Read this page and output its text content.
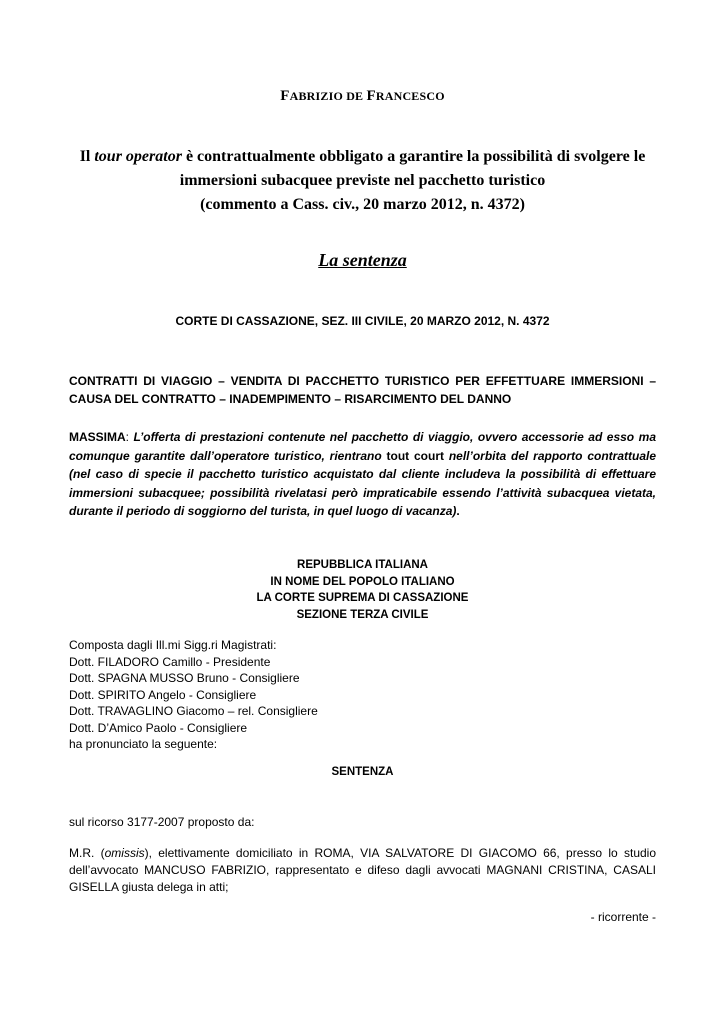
FABRIZIO DE FRANCESCO
Il tour operator è contrattualmente obbligato a garantire la possibilità di svolgere le
immersioni subacquee previste nel pacchetto turistico
(commento a Cass. civ., 20 marzo 2012, n. 4372)
La sentenza
CORTE DI CASSAZIONE, SEZ. III CIVILE, 20 MARZO 2012, N. 4372
CONTRATTI DI VIAGGIO – VENDITA DI PACCHETTO TURISTICO PER EFFETTUARE IMMERSIONI – CAUSA DEL CONTRATTO – INADEMPIMENTO – RISARCIMENTO DEL DANNO
MASSIMA: L’offerta di prestazioni contenute nel pacchetto di viaggio, ovvero accessorie ad esso ma comunque garantite dall’operatore turistico, rientrano tout court nell’orbita del rapporto contrattuale (nel caso di specie il pacchetto turistico acquistato dal cliente includeva la possibilità di effettuare immersioni subacquee; possibilità rivelatasi però impraticabile essendo l’attività subacquea vietata, durante il periodo di soggiorno del turista, in quel luogo di vacanza).
REPUBBLICA ITALIANA
IN NOME DEL POPOLO ITALIANO
LA CORTE SUPREMA DI CASSAZIONE
SEZIONE TERZA CIVILE
Composta dagli Ill.mi Sigg.ri Magistrati:
Dott. FILADORO Camillo - Presidente
Dott. SPAGNA MUSSO Bruno - Consigliere
Dott. SPIRITO Angelo - Consigliere
Dott. TRAVAGLINO Giacomo – rel. Consigliere
Dott. D’Amico Paolo - Consigliere
ha pronunciato la seguente:
SENTENZA
sul ricorso 3177-2007 proposto da:
M.R. (omissis), elettivamente domiciliato in ROMA, VIA SALVATORE DI GIACOMO 66, presso lo studio dell’avvocato MANCUSO FABRIZIO, rappresentato e difeso dagli avvocati MAGNANI CRISTINA, CASALI GISELLA giusta delega in atti;
- ricorrente -
